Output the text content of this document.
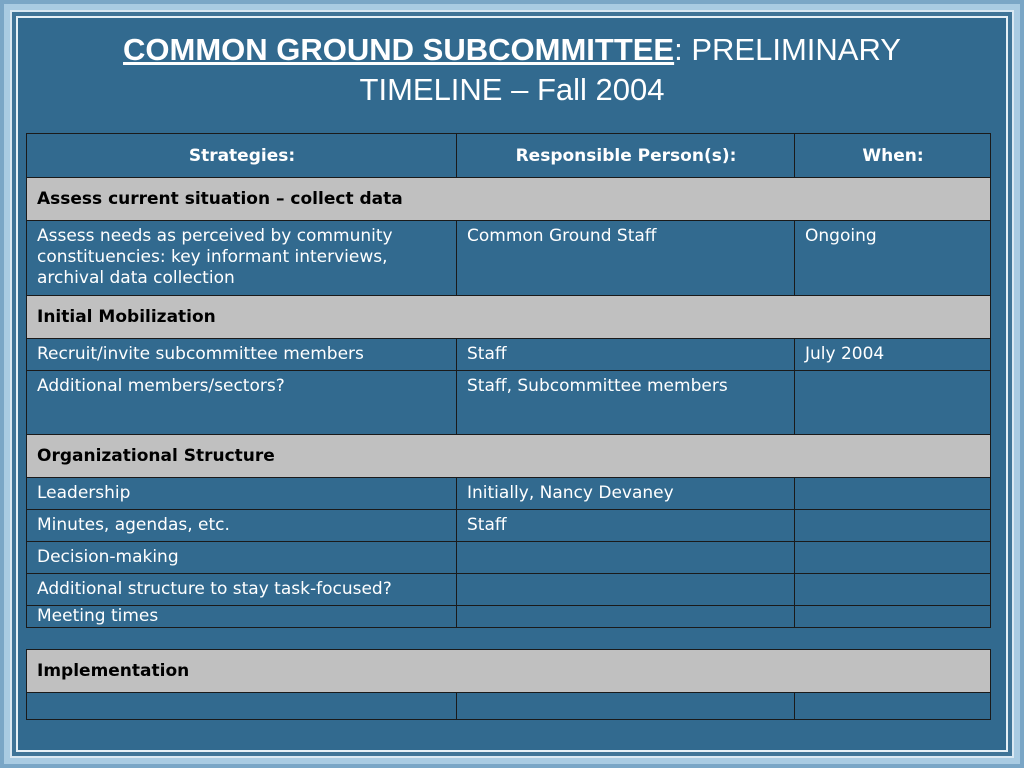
COMMON GROUND SUBCOMMITTEE: PRELIMINARY
TIMELINE – Fall 2004
Strategies:	Responsible Person(s):	When:
Assess current situation – collect data		
Assess needs as perceived by community constituencies: key informant interviews, archival data collection	Common Ground Staff	Ongoing
Initial Mobilization		
Recruit/invite subcommittee members	Staff	July 2004
Additional members/sectors?	Staff, Subcommittee members	
Organizational Structure		
Leadership	Initially, Nancy Devaney	
Minutes, agendas, etc.	Staff	
Decision-making		
Additional structure to stay task-focused?		
Meeting times		

Implementation		
